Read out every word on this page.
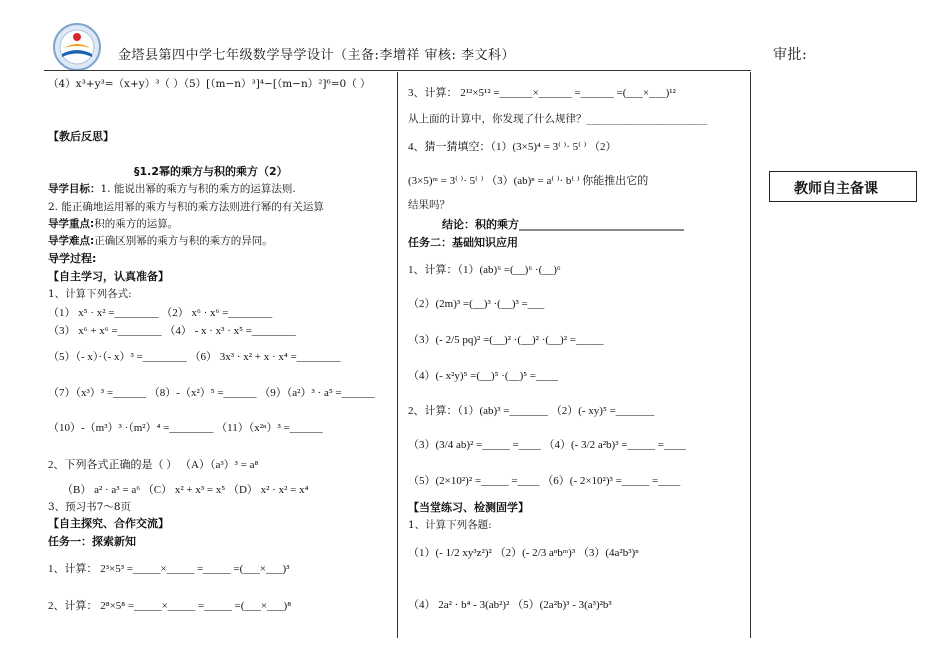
金塔县第四中学七年级数学导学设计（主备:李增祥 审核: 李文科）	审批:
教师自主备课
（4）x³+y³=（x+y）³（ ）（5）[（m−n）³]⁴−[（m−n）²]⁶=0（ ）
【教后反思】
§1.2幂的乘方与积的乘方（2）
导学目标：1. 能说出幂的乘方与积的乘方的运算法则.
2. 能正确地运用幂的乘方与积的乘方法则进行幂的有关运算
导学重点:积的乘方的运算。
导学难点:正确区别幂的乘方与积的乘方的异同。
导学过程:
【自主学习，认真准备】
1、计算下列各式:
（1） x⁵ · x² =________ （2） x⁶ · x⁶ =________
（3） x⁶ + x⁶ =________ （4） - x · x³ · x⁵ =________
（5）（- x）·（- x）³ =________ （6） 3x³ · x² + x · x⁴ =________
（7）（x³）³ =______ （8）-（x²）⁵ =______ （9）（a²）³ · a⁵ =______
（10）-（m³）³ ·（m²）⁴ =________ （11）（x²ⁿ）³ =______
2、下列各式正确的是（ ） （A）（a³）³ = a⁸
（B） a² · a³ = a⁶ （C） x² + x³ = x⁵ （D） x² · x² = x⁴
3、预习书7～8页
【自主探究、合作交流】
任务一：探索新知
1、计算： 2³×5³ =_____×_____ =_____ =(___×___)³
2、计算： 2⁸×5⁸ =_____×_____ =_____ =(___×___)⁸
3、计算： 2¹²×5¹² =______×______ =______ =(___×___)¹²
从上面的计算中，你发现了什么规律？_______________________
4、猜一猜填空：（1）(3×5)⁴ = 3⁽ ⁾· 5⁽ ⁾ （2）
(3×5)ᵐ = 3⁽ ⁾· 5⁽ ⁾ （3）(ab)ⁿ = a⁽ ⁾· b⁽ ⁾ 你能推出它的
结果吗？
结论：积的乘方______________________________
任务二：基础知识应用
1、计算：（1）(ab)⁶ =(__)⁶ ·(__)⁶
（2）(2m)³ =(__)³ ·(__)³ =___
（3）(- 2/5 pq)² =(__)² ·(__)² ·(__)² =_____
（4）(- x²y)⁵ =(__)⁵ ·(__)⁵ =____
2、计算：（1）(ab)³ =_______ （2）(- xy)⁵ =_______
（3）(3/4 ab)² =_____ =____ （4）(- 3/2 a²b)³ =_____ =____
（5）(2×10²)² =_____ =____ （6）(- 2×10²)³ =_____ =____
【当堂练习、检测固学】
1、计算下列各题:
（1）(- 1/2 xy³z²)² （2）(- 2/3 aⁿbᵐ)³ （3）(4a²b³)ⁿ
（4） 2a² · b⁴ - 3(ab²)² （5）(2a²b)³ - 3(a³)²b³
